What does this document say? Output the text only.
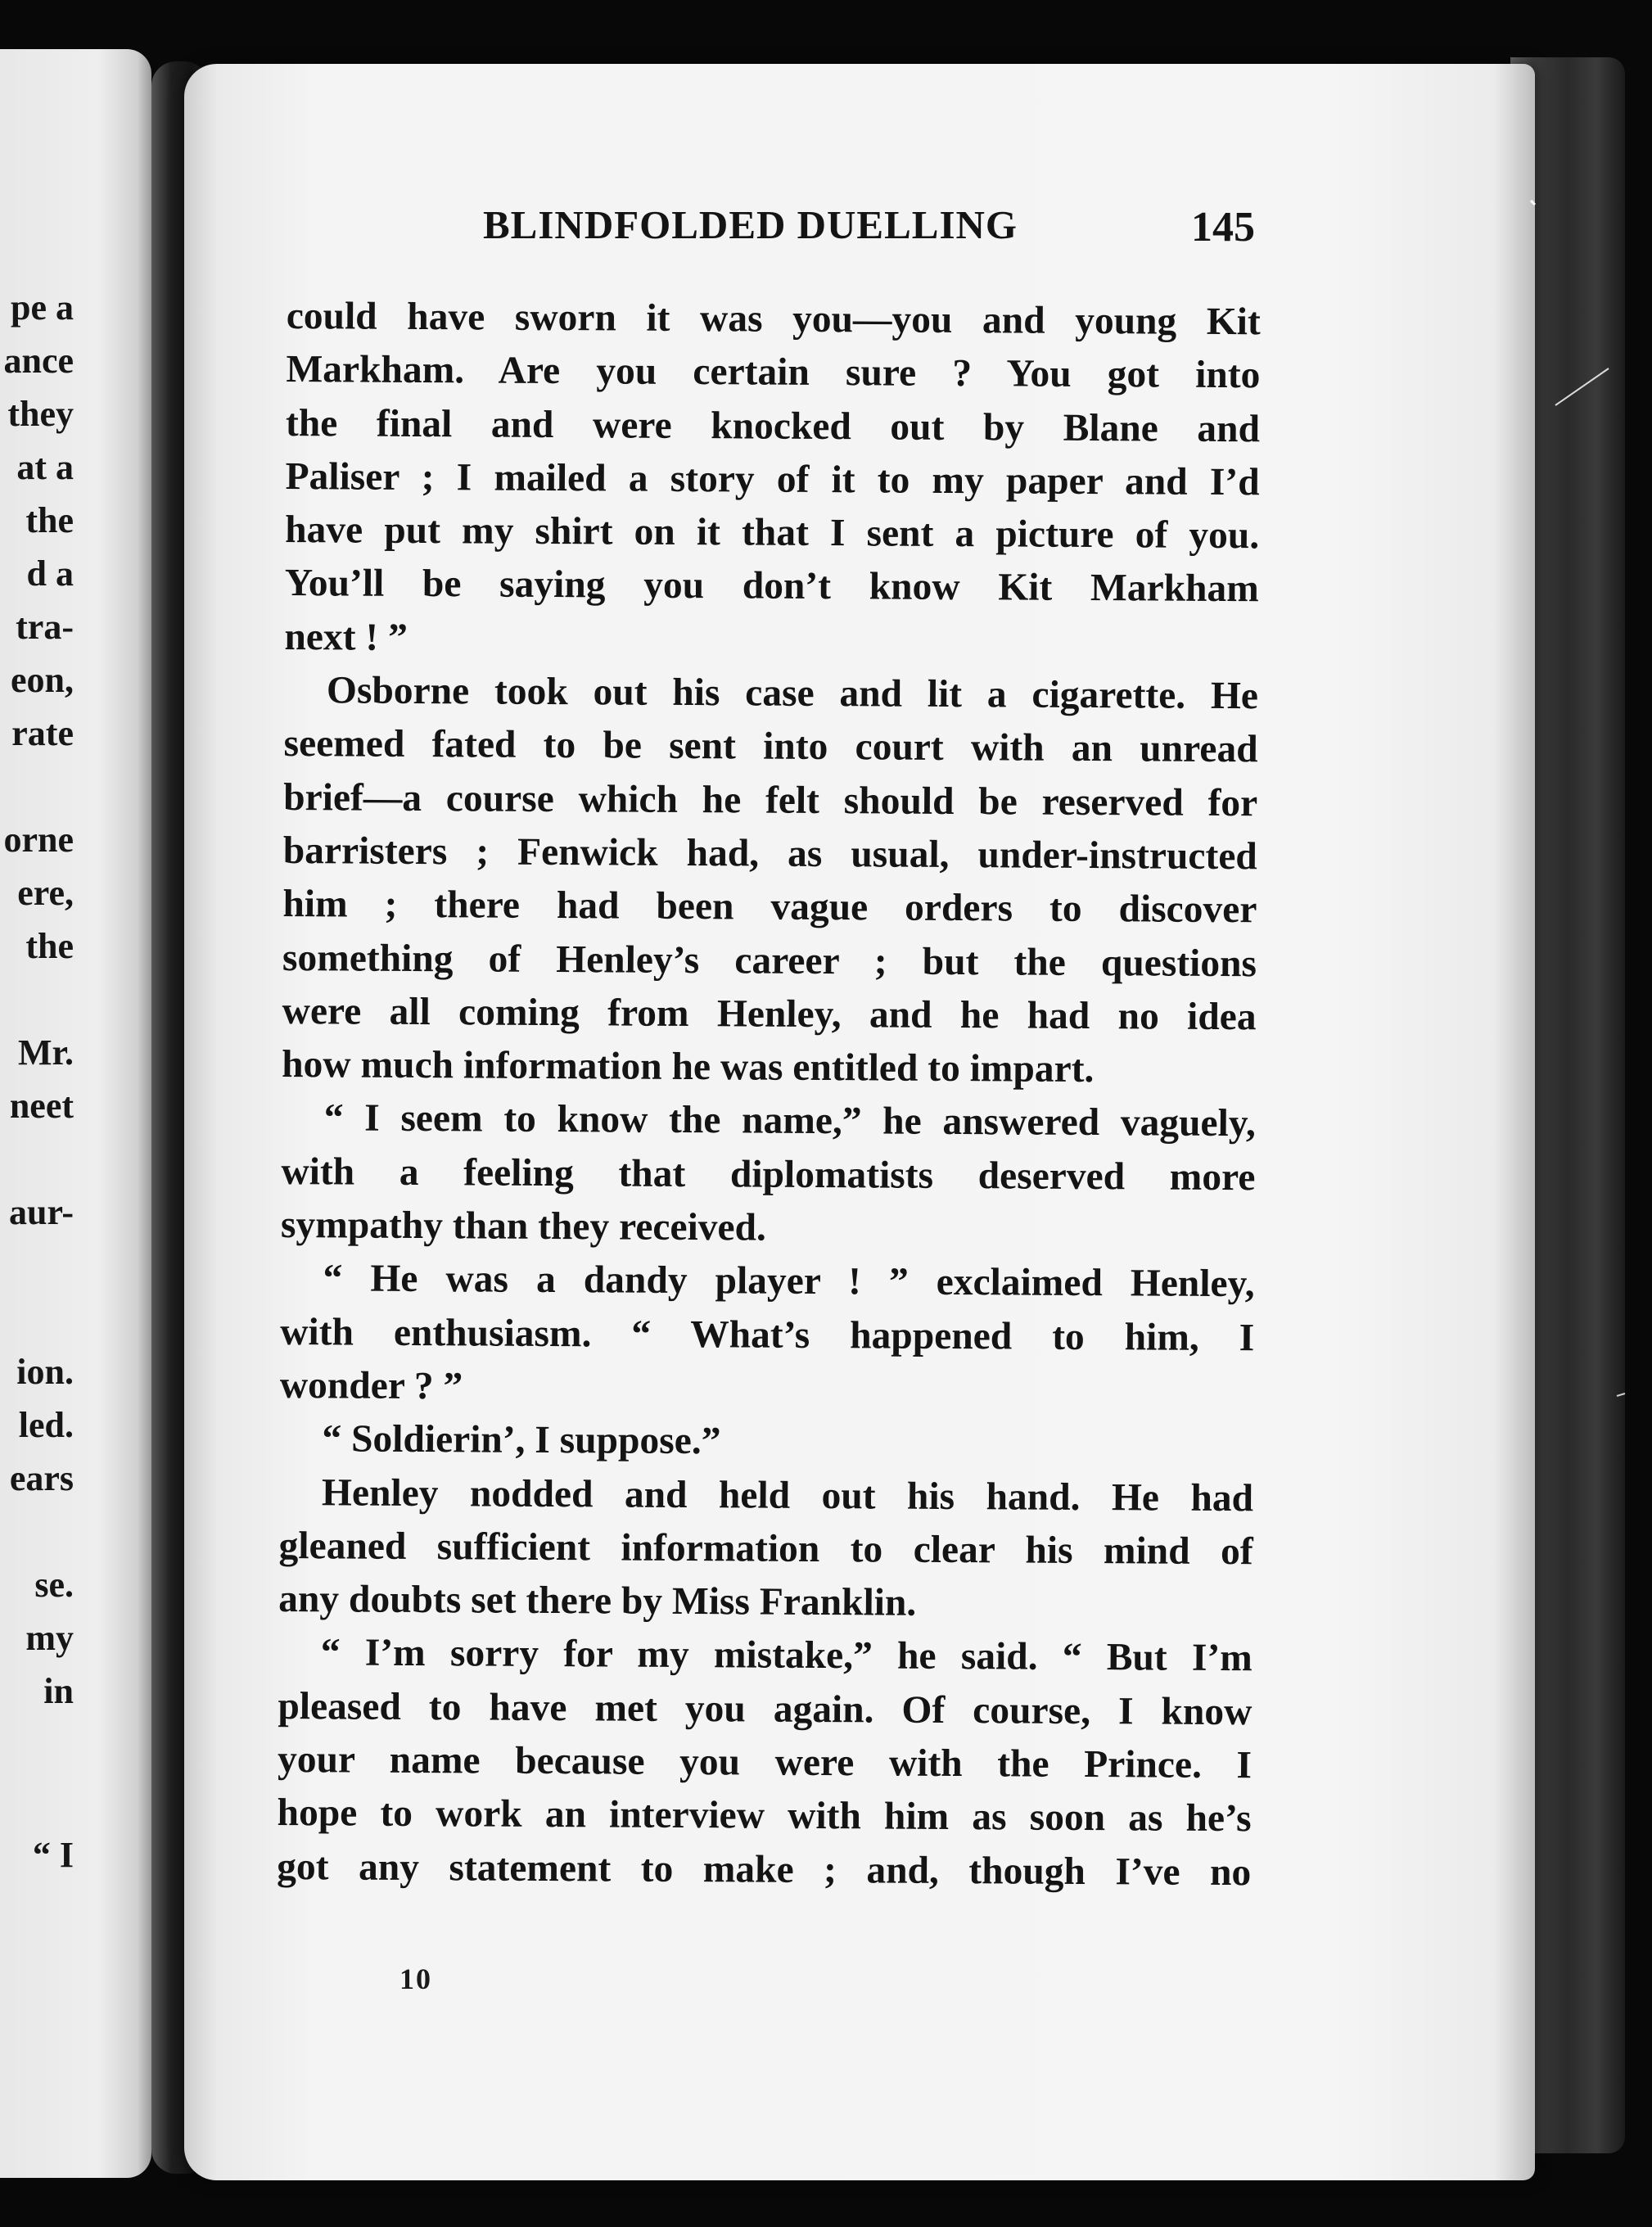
pe a
ance
they
at a
the
d a
tra-
eon,
rate
orne
ere,
the
Mr.
neet
aur-
ion.
led.
ears
se.
my
in
“ I
BLINDFOLDED DUELLING	145
could have sworn it was you—you and young Kit
Markham. Are you certain sure ? You got into
the final and were knocked out by Blane and
Paliser ; I mailed a story of it to my paper and I’d
have put my shirt on it that I sent a picture of you.
You’ll be saying you don’t know Kit Markham
next ! ”
Osborne took out his case and lit a cigarette. He
seemed fated to be sent into court with an unread
brief—a course which he felt should be reserved for
barristers ; Fenwick had, as usual, under-instructed
him ; there had been vague orders to discover
something of Henley’s career ; but the questions
were all coming from Henley, and he had no idea
how much information he was entitled to impart.
“ I seem to know the name,” he answered vaguely,
with a feeling that diplomatists deserved more
sympathy than they received.
“ He was a dandy player ! ” exclaimed Henley,
with enthusiasm. “ What’s happened to him, I
wonder ? ”
“ Soldierin’, I suppose.”
Henley nodded and held out his hand. He had
gleaned sufficient information to clear his mind of
any doubts set there by Miss Franklin.
“ I’m sorry for my mistake,” he said. “ But I’m
pleased to have met you again. Of course, I know
your name because you were with the Prince. I
hope to work an interview with him as soon as he’s
got any statement to make ; and, though I’ve no
10
